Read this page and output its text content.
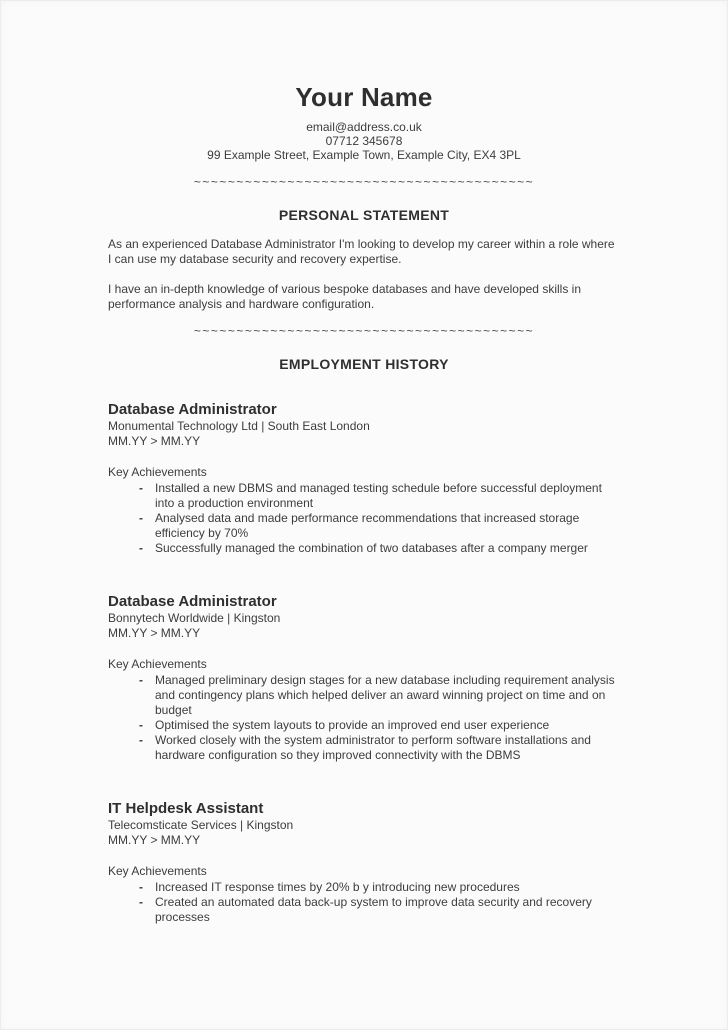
Your Name
email@address.co.uk
07712 345678
99 Example Street, Example Town, Example City, EX4 3PL
~~~~~~~~~~~~~~~~~~~~~~~~~~~~~~~~~~~~~~~~
PERSONAL STATEMENT

As an experienced Database Administrator I'm looking to develop my career within a role where I can use my database security and recovery expertise.

I have an in-depth knowledge of various bespoke databases and have developed skills in performance analysis and hardware configuration.

~~~~~~~~~~~~~~~~~~~~~~~~~~~~~~~~~~~~~~~~
EMPLOYMENT HISTORY
Database Administrator
Monumental Technology Ltd | South East London
MM.YY > MM.YY
Key Achievements
- Installed a new DBMS and managed testing schedule before successful deployment into a production environment
- Analysed data and made performance recommendations that increased storage efficiency by 70%
- Successfully managed the combination of two databases after a company merger
Database Administrator
Bonnytech Worldwide | Kingston
MM.YY > MM.YY
Key Achievements
- Managed preliminary design stages for a new database including requirement analysis and contingency plans which helped deliver an award winning project on time and on budget
- Optimised the system layouts to provide an improved end user experience
- Worked closely with the system administrator to perform software installations and hardware configuration so they improved connectivity with the DBMS
IT Helpdesk Assistant
Telecomsticate Services | Kingston
MM.YY > MM.YY
Key Achievements
- Increased IT response times by 20% b y introducing new procedures
- Created an automated data back-up system to improve data security and recovery processes
